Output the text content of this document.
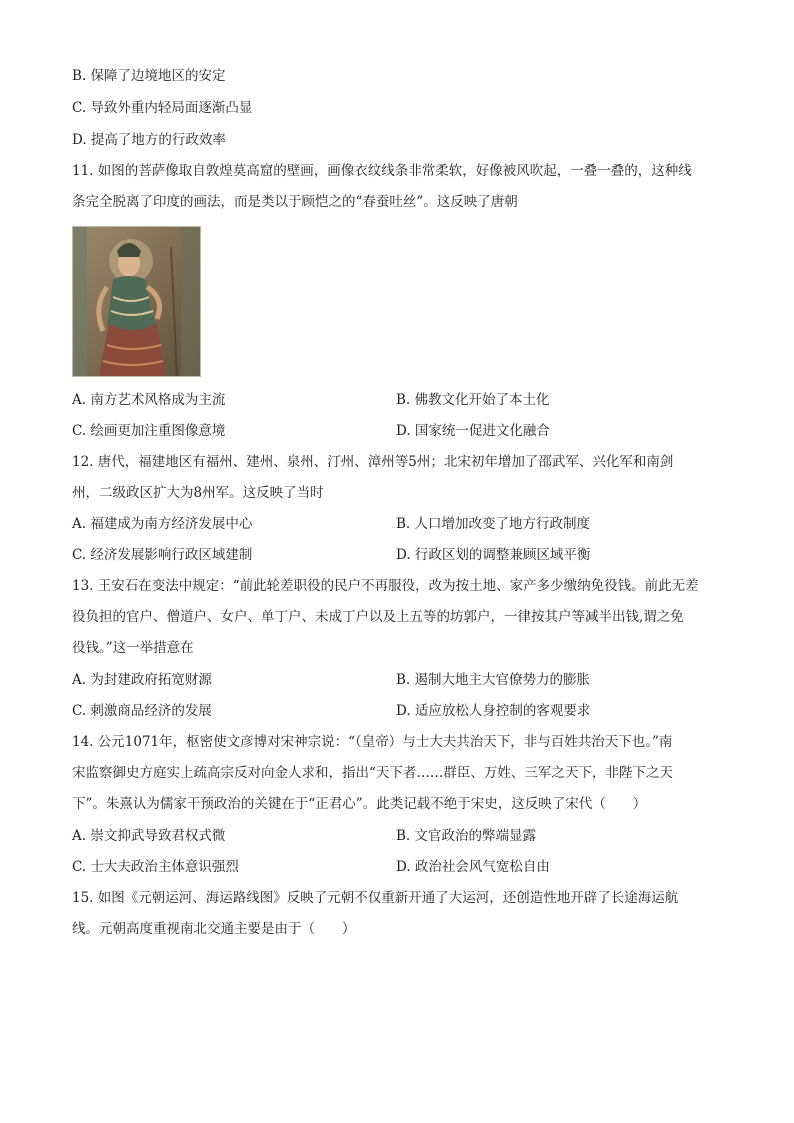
B. 保障了边境地区的安定
C. 导致外重内轻局面逐渐凸显
D. 提高了地方的行政效率
11. 如图的菩萨像取自敦煌莫高窟的壁画，画像衣纹线条非常柔软，好像被风吹起，一叠一叠的，这种线
条完全脱离了印度的画法，而是类以于顾恺之的“春蚕吐丝”。这反映了唐朝
A. 南方艺术风格成为主流	B. 佛教文化开始了本土化
C. 绘画更加注重图像意境	D. 国家统一促进文化融合
12. 唐代，福建地区有福州、建州、泉州、汀州、漳州等5州；北宋初年增加了邵武军、兴化军和南剑
州，二级政区扩大为8州军。这反映了当时
A. 福建成为南方经济发展中心	B. 人口增加改变了地方行政制度
C. 经济发展影响行政区域建制	D. 行政区划的调整兼顾区域平衡
13. 王安石在变法中规定：“前此轮差职役的民户不再服役，改为按土地、家产多少缴纳免役钱。前此无差
役负担的官户、僧道户、女户、单丁户、未成丁户以及上五等的坊郭户，一律按其户等减半出钱,谓之免
役钱。”这一举措意在
A. 为封建政府拓宽财源	B. 遏制大地主大官僚势力的膨胀
C. 刺激商品经济的发展	D. 适应放松人身控制的客观要求
14. 公元1071年，枢密使文彦博对宋神宗说：“（皇帝）与士大夫共治天下，非与百姓共治天下也。”南
宋监察御史方庭实上疏高宗反对向金人求和，指出“天下者……群臣、万姓、三军之天下，非陛下之天
下”。朱熹认为儒家干预政治的关键在于“正君心”。此类记载不绝于宋史，这反映了宋代（　　）
A. 崇文抑武导致君权式微	B. 文官政治的弊端显露
C. 士大夫政治主体意识强烈	D. 政治社会风气宽松自由
15. 如图《元朝运河、海运路线图》反映了元朝不仅重新开通了大运河，还创造性地开辟了长途海运航
线。元朝高度重视南北交通主要是由于（　　）
